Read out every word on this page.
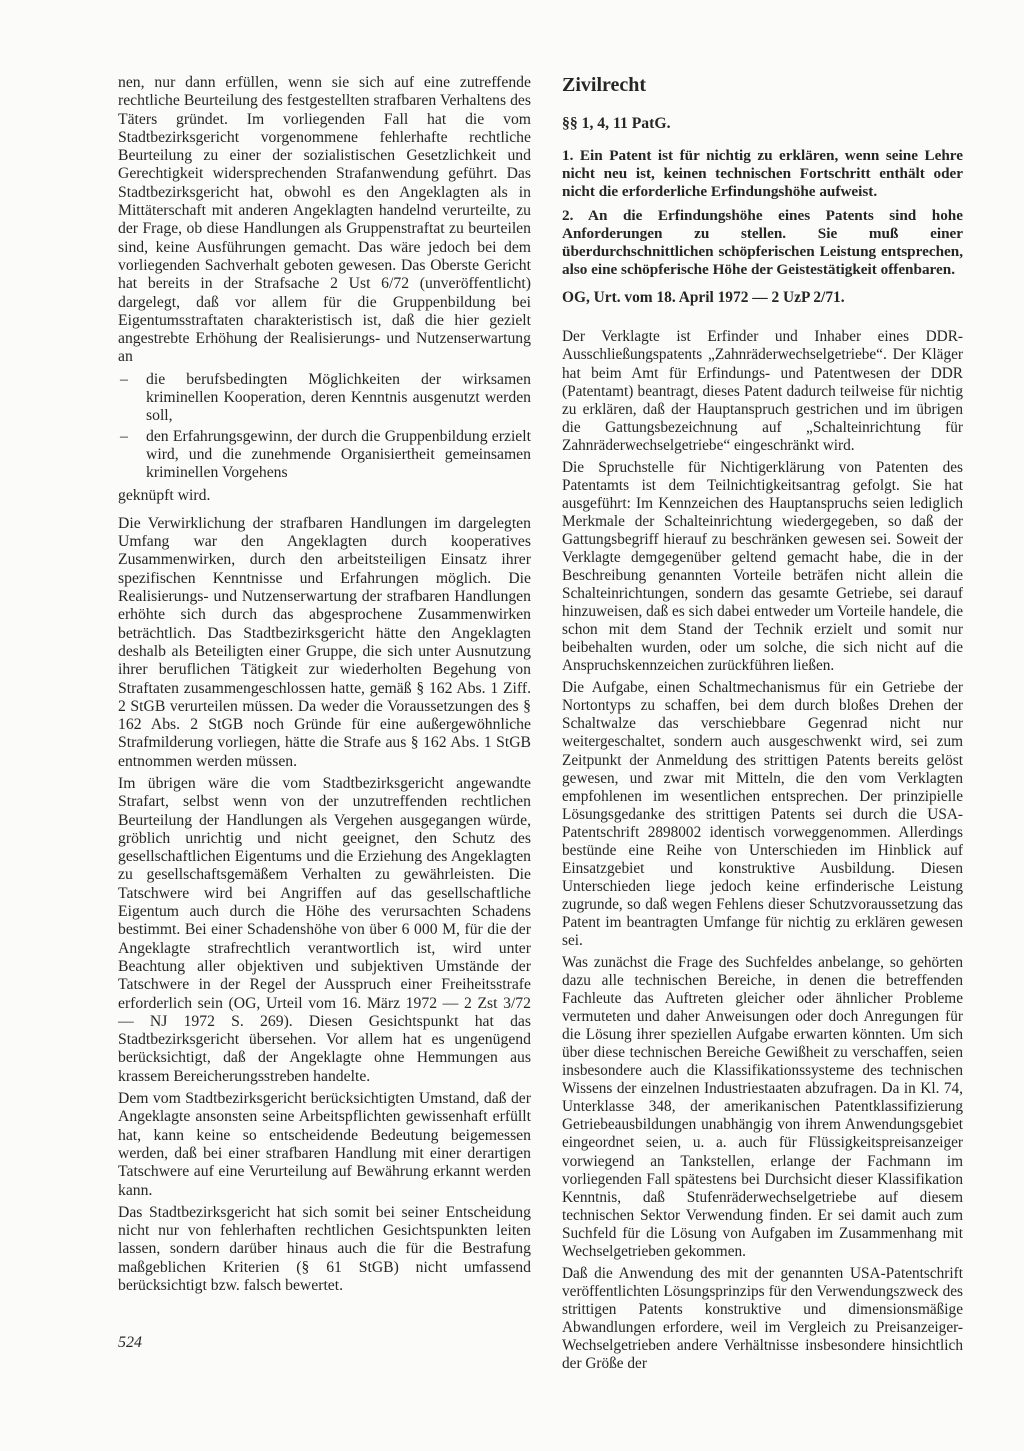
nen, nur dann erfüllen, wenn sie sich auf eine zutreffende rechtliche Beurteilung des festgestellten strafbaren Verhaltens des Täters gründet. Im vorliegenden Fall hat die vom Stadtbezirksgericht vorgenommene fehlerhafte rechtliche Beurteilung zu einer der sozialistischen Gesetzlichkeit und Gerechtigkeit widersprechenden Strafanwendung geführt. Das Stadtbezirksgericht hat, obwohl es den Angeklagten als in Mittäterschaft mit anderen Angeklagten handelnd verurteilte, zu der Frage, ob diese Handlungen als Gruppenstraftat zu beurteilen sind, keine Ausführungen gemacht. Das wäre jedoch bei dem vorliegenden Sachverhalt geboten gewesen. Das Oberste Gericht hat bereits in der Strafsache 2 Ust 6/72 (unveröffentlicht) dargelegt, daß vor allem für die Gruppenbildung bei Eigentumsstraftaten charakteristisch ist, daß die hier gezielt angestrebte Erhöhung der Realisierungs- und Nutzenserwartung an

– die berufsbedingten Möglichkeiten der wirksamen kriminellen Kooperation, deren Kenntnis ausgenutzt werden soll,
– den Erfahrungsgewinn, der durch die Gruppenbildung erzielt wird, und die zunehmende Organisiertheit gemeinsamen kriminellen Vorgehens

geknüpft wird.

Die Verwirklichung der strafbaren Handlungen im dargelegten Umfang war den Angeklagten durch kooperatives Zusammenwirken, durch den arbeitsteiligen Einsatz ihrer spezifischen Kenntnisse und Erfahrungen möglich. Die Realisierungs- und Nutzenserwartung der strafbaren Handlungen erhöhte sich durch das abgesprochene Zusammenwirken beträchtlich. Das Stadtbezirksgericht hätte den Angeklagten deshalb als Beteiligten einer Gruppe, die sich unter Ausnutzung ihrer beruflichen Tätigkeit zur wiederholten Begehung von Straftaten zusammengeschlossen hatte, gemäß § 162 Abs. 1 Ziff. 2 StGB verurteilen müssen. Da weder die Voraussetzungen des § 162 Abs. 2 StGB noch Gründe für eine außergewöhnliche Strafmilderung vorliegen, hätte die Strafe aus § 162 Abs. 1 StGB entnommen werden müssen.

Im übrigen wäre die vom Stadtbezirksgericht angewandte Strafart, selbst wenn von der unzutreffenden rechtlichen Beurteilung der Handlungen als Vergehen ausgegangen würde, gröblich unrichtig und nicht geeignet, den Schutz des gesellschaftlichen Eigentums und die Erziehung des Angeklagten zu gesellschaftsgemäßem Verhalten zu gewährleisten. Die Tatschwere wird bei Angriffen auf das gesellschaftliche Eigentum auch durch die Höhe des verursachten Schadens bestimmt. Bei einer Schadenshöhe von über 6 000 M, für die der Angeklagte strafrechtlich verantwortlich ist, wird unter Beachtung aller objektiven und subjektiven Umstände der Tatschwere in der Regel der Ausspruch einer Freiheitsstrafe erforderlich sein (OG, Urteil vom 16. März 1972 — 2 Zst 3/72 — NJ 1972 S. 269). Diesen Gesichtspunkt hat das Stadtbezirksgericht übersehen. Vor allem hat es ungenügend berücksichtigt, daß der Angeklagte ohne Hemmungen aus krassem Bereicherungsstreben handelte.

Dem vom Stadtbezirksgericht berücksichtigten Umstand, daß der Angeklagte ansonsten seine Arbeitspflichten gewissenhaft erfüllt hat, kann keine so entscheidende Bedeutung beigemessen werden, daß bei einer strafbaren Handlung mit einer derartigen Tatschwere auf eine Verurteilung auf Bewährung erkannt werden kann.

Das Stadtbezirksgericht hat sich somit bei seiner Entscheidung nicht nur von fehlerhaften rechtlichen Gesichtspunkten leiten lassen, sondern darüber hinaus auch die für die Bestrafung maßgeblichen Kriterien (§ 61 StGB) nicht umfassend berücksichtigt bzw. falsch bewertet.

Zivilrecht
§§ 1, 4, 11 PatG.

1. Ein Patent ist für nichtig zu erklären, wenn seine Lehre nicht neu ist, keinen technischen Fortschritt enthält oder nicht die erforderliche Erfindungshöhe aufweist.

2. An die Erfindungshöhe eines Patents sind hohe Anforderungen zu stellen. Sie muß einer überdurchschnittlichen schöpferischen Leistung entsprechen, also eine schöpferische Höhe der Geistestätigkeit offenbaren.

OG, Urt. vom 18. April 1972 — 2 UzP 2/71.

Der Verklagte ist Erfinder und Inhaber eines DDR-Ausschließungspatents „Zahnräderwechselgetriebe“. Der Kläger hat beim Amt für Erfindungs- und Patentwesen der DDR (Patentamt) beantragt, dieses Patent dadurch teilweise für nichtig zu erklären, daß der Hauptanspruch gestrichen und im übrigen die Gattungsbezeichnung auf „Schalteinrichtung für Zahnräderwechselgetriebe“ eingeschränkt wird.

Die Spruchstelle für Nichtigerklärung von Patenten des Patentamts ist dem Teilnichtigkeitsantrag gefolgt. Sie hat ausgeführt: Im Kennzeichen des Hauptanspruchs seien lediglich Merkmale der Schalteinrichtung wiedergegeben, so daß der Gattungsbegriff hierauf zu beschränken gewesen sei. Soweit der Verklagte demgegenüber geltend gemacht habe, die in der Beschreibung genannten Vorteile beträfen nicht allein die Schalteinrichtungen, sondern das gesamte Getriebe, sei darauf hinzuweisen, daß es sich dabei entweder um Vorteile handele, die schon mit dem Stand der Technik erzielt und somit nur beibehalten wurden, oder um solche, die sich nicht auf die Anspruchskennzeichen zurückführen ließen.

Die Aufgabe, einen Schaltmechanismus für ein Getriebe der Nortontyps zu schaffen, bei dem durch bloßes Drehen der Schaltwalze das verschiebbare Gegenrad nicht nur weitergeschaltet, sondern auch ausgeschwenkt wird, sei zum Zeitpunkt der Anmeldung des strittigen Patents bereits gelöst gewesen, und zwar mit Mitteln, die den vom Verklagten empfohlenen im wesentlichen entsprechen. Der prinzipielle Lösungsgedanke des strittigen Patents sei durch die USA-Patentschrift 2898002 identisch vorweggenommen. Allerdings bestünde eine Reihe von Unterschieden im Hinblick auf Einsatzgebiet und konstruktive Ausbildung. Diesen Unterschieden liege jedoch keine erfinderische Leistung zugrunde, so daß wegen Fehlens dieser Schutzvoraussetzung das Patent im beantragten Umfange für nichtig zu erklären gewesen sei.

Was zunächst die Frage des Suchfeldes anbelange, so gehörten dazu alle technischen Bereiche, in denen die betreffenden Fachleute das Auftreten gleicher oder ähnlicher Probleme vermuteten und daher Anweisungen oder doch Anregungen für die Lösung ihrer speziellen Aufgabe erwarten könnten. Um sich über diese technischen Bereiche Gewißheit zu verschaffen, seien insbesondere auch die Klassifikationssysteme des technischen Wissens der einzelnen Industriestaaten abzufragen. Da in Kl. 74, Unterklasse 348, der amerikanischen Patentklassifizierung Getriebeausbildungen unabhängig von ihrem Anwendungsgebiet eingeordnet seien, u. a. auch für Flüssigkeitspreisanzeiger vorwiegend an Tankstellen, erlange der Fachmann im vorliegenden Fall spätestens bei Durchsicht dieser Klassifikation Kenntnis, daß Stufenräderwechselgetriebe auf diesem technischen Sektor Verwendung finden. Er sei damit auch zum Suchfeld für die Lösung von Aufgaben im Zusammenhang mit Wechselgetrieben gekommen.

Daß die Anwendung des mit der genannten USA-Patentschrift veröffentlichten Lösungsprinzips für den Verwendungszweck des strittigen Patents konstruktive und dimensionsmäßige Abwandlungen erfordere, weil im Vergleich zu Preisanzeiger-Wechselgetrieben andere Verhältnisse insbesondere hinsichtlich der Größe der

524
